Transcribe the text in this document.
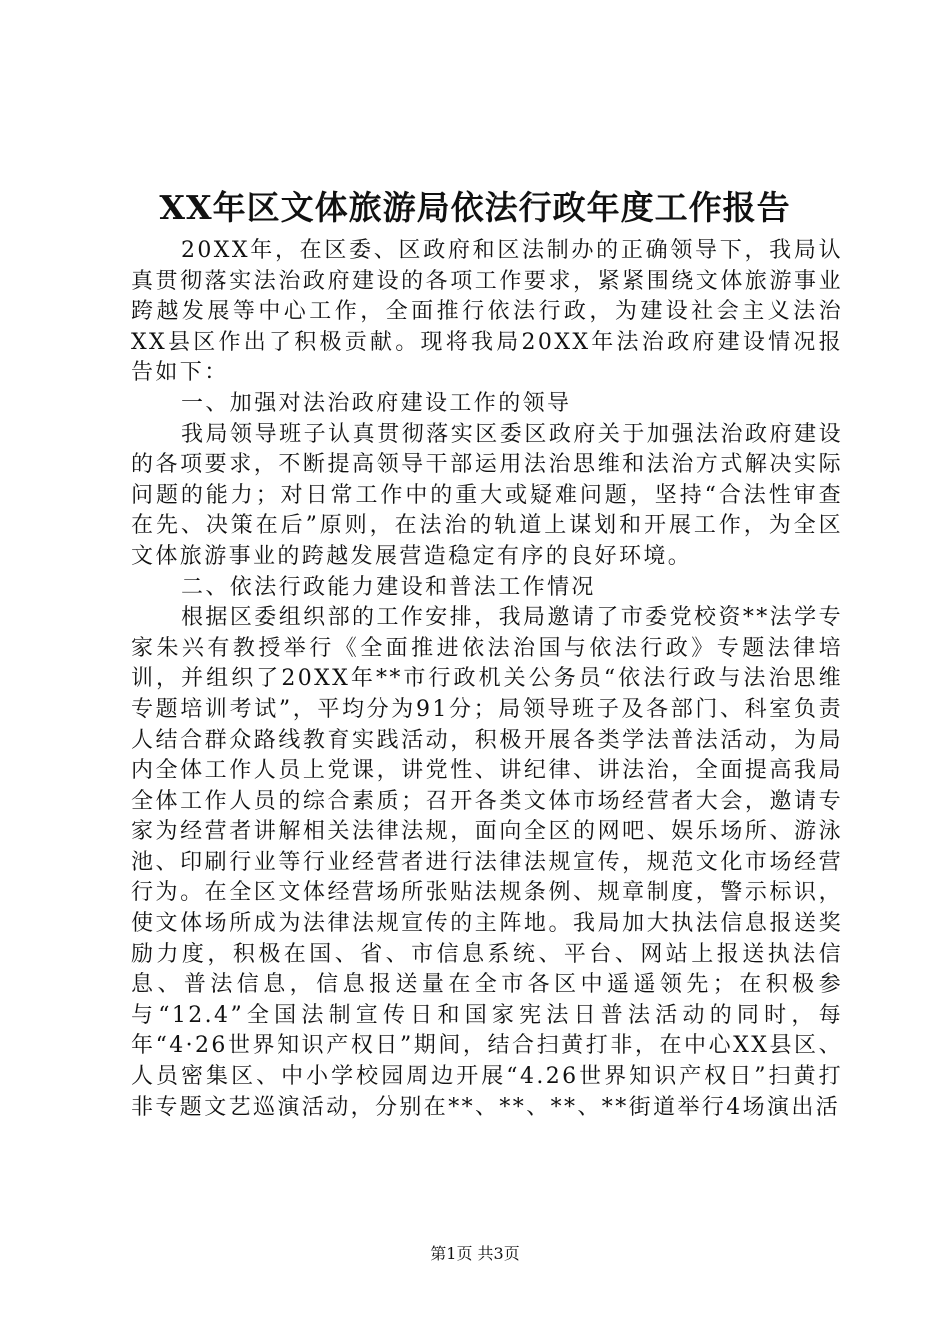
XX年区文体旅游局依法行政年度工作报告

20XX年，在区委、区政府和区法制办的正确领导下，我局认真贯彻落实法治政府建设的各项工作要求，紧紧围绕文体旅游事业跨越发展等中心工作，全面推行依法行政，为建设社会主义法治XX县区作出了积极贡献。现将我局20XX年法治政府建设情况报告如下：

一、加强对法治政府建设工作的领导

我局领导班子认真贯彻落实区委区政府关于加强法治政府建设的各项要求，不断提高领导干部运用法治思维和法治方式解决实际问题的能力；对日常工作中的重大或疑难问题，坚持“合法性审查在先、决策在后”原则，在法治的轨道上谋划和开展工作，为全区文体旅游事业的跨越发展营造稳定有序的良好环境。

二、依法行政能力建设和普法工作情况

根据区委组织部的工作安排，我局邀请了市委党校资**法学专家朱兴有教授举行《全面推进依法治国与依法行政》专题法律培训，并组织了20XX年**市行政机关公务员“依法行政与法治思维专题培训考试”，平均分为91分；局领导班子及各部门、科室负责人结合群众路线教育实践活动，积极开展各类学法普法活动，为局内全体工作人员上党课，讲党性、讲纪律、讲法治，全面提高我局全体工作人员的综合素质；召开各类文体市场经营者大会，邀请专家为经营者讲解相关法律法规，面向全区的网吧、娱乐场所、游泳池、印刷行业等行业经营者进行法律法规宣传，规范文化市场经营行为。在全区文体经营场所张贴法规条例、规章制度，警示标识，使文体场所成为法律法规宣传的主阵地。我局加大执法信息报送奖励力度，积极在国、省、市信息系统、平台、网站上报送执法信息、普法信息，信息报送量在全市各区中遥遥领先；在积极参与“12.4”全国法制宣传日和国家宪法日普法活动的同时，每年“4·26世界知识产权日”期间，结合扫黄打非，在中心XX县区、人员密集区、中小学校园周边开展“4.26世界知识产权日”扫黄打非专题文艺巡演活动，分别在**、**、**、**街道举行4场演出活

第1页 共3页
